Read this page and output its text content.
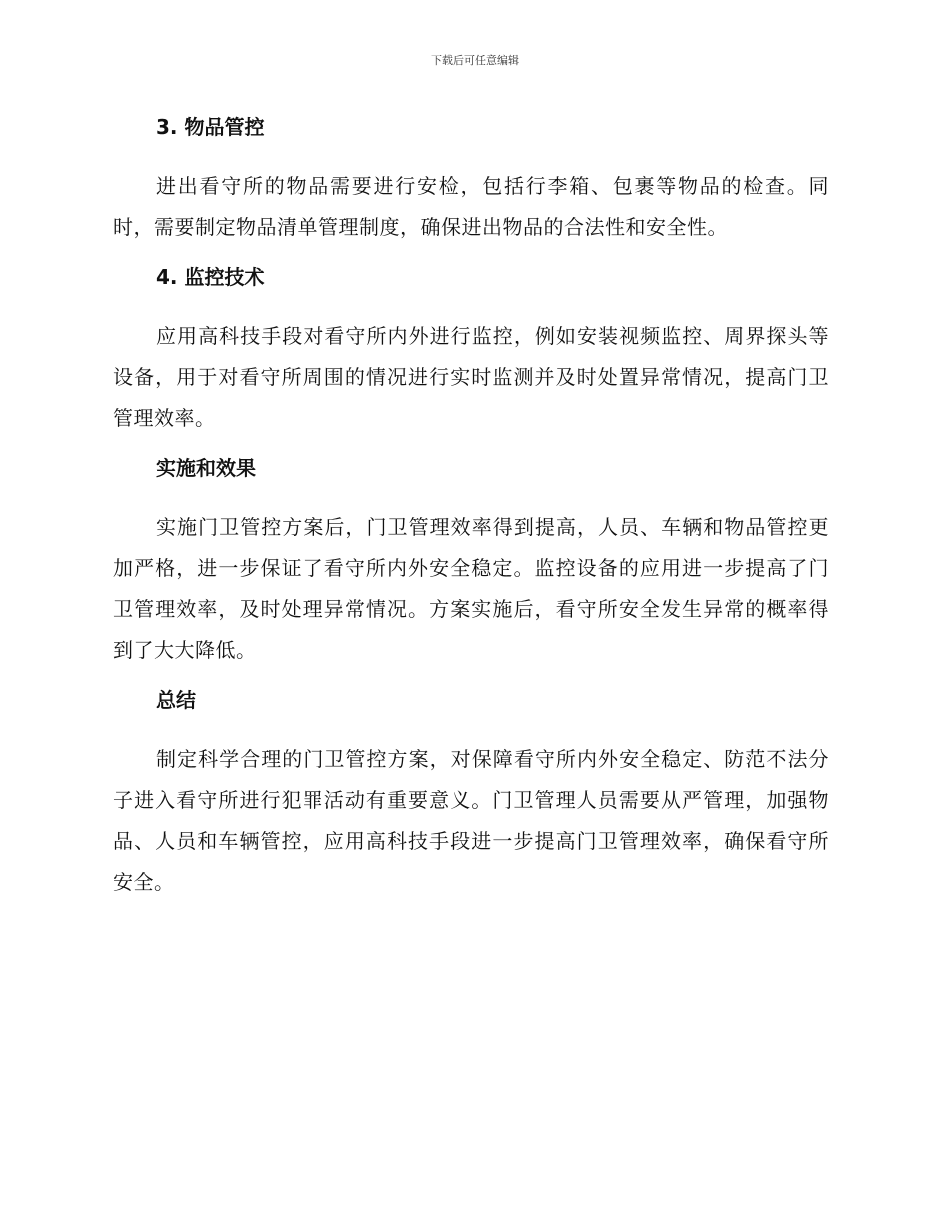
下载后可任意编辑
3. 物品管控

进出看守所的物品需要进行安检，包括行李箱、包裹等物品的检查。同时，需要制定物品清单管理制度，确保进出物品的合法性和安全性。

4. 监控技术

应用高科技手段对看守所内外进行监控，例如安装视频监控、周界探头等设备，用于对看守所周围的情况进行实时监测并及时处置异常情况，提高门卫管理效率。

实施和效果

实施门卫管控方案后，门卫管理效率得到提高，人员、车辆和物品管控更加严格，进一步保证了看守所内外安全稳定。监控设备的应用进一步提高了门卫管理效率，及时处理异常情况。方案实施后，看守所安全发生异常的概率得到了大大降低。

总结

制定科学合理的门卫管控方案，对保障看守所内外安全稳定、防范不法分子进入看守所进行犯罪活动有重要意义。门卫管理人员需要从严管理，加强物品、人员和车辆管控，应用高科技手段进一步提高门卫管理效率，确保看守所安全。
